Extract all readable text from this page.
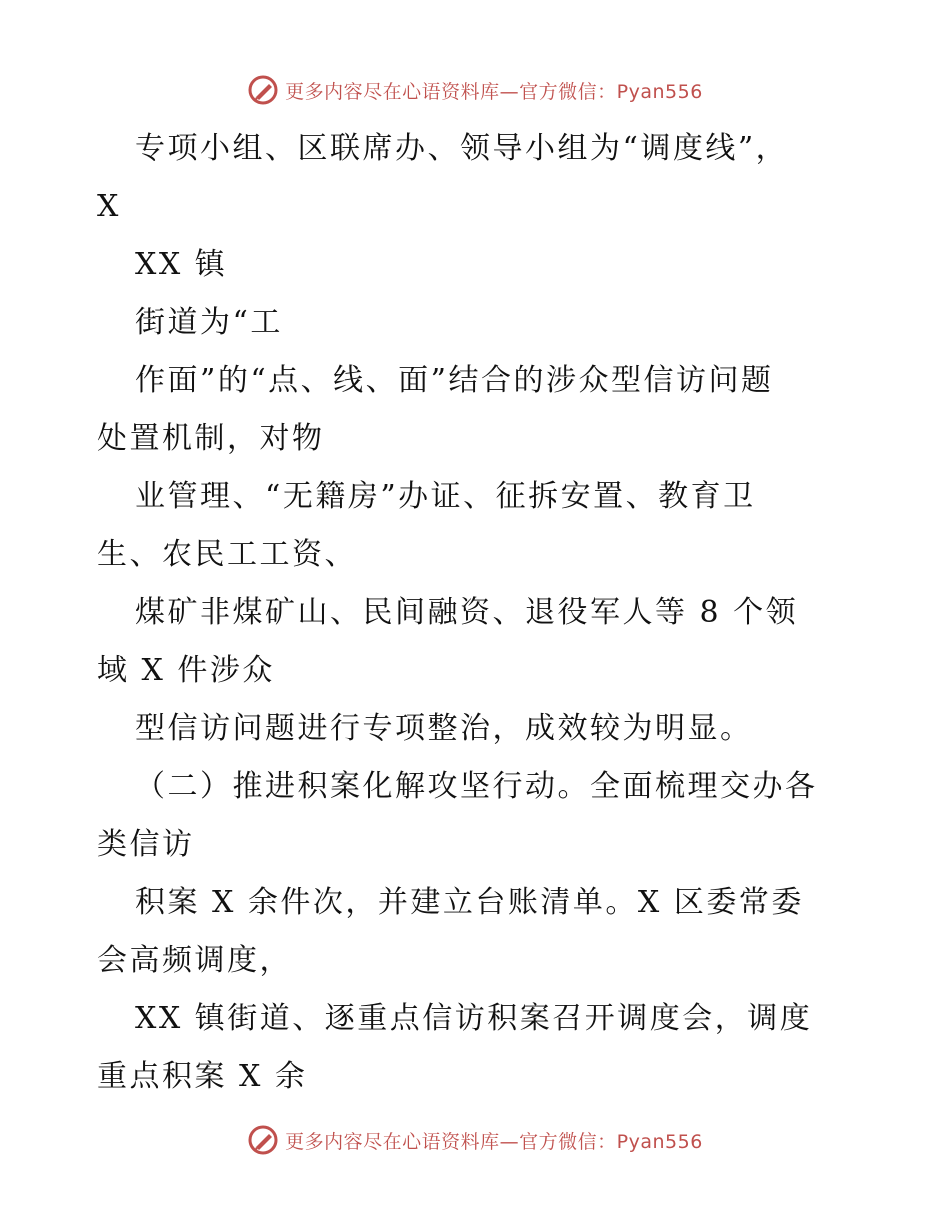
更多内容尽在心语资料库—官方微信：Pyan556
专项小组、区联席办、领导小组为“调度线”，
X
XX 镇
街道为“工
作面”的“点、线、面”结合的涉众型信访问题
处置机制，对物
业管理、“无籍房”办证、征拆安置、教育卫
生、农民工工资、
煤矿非煤矿山、民间融资、退役军人等 8 个领
域 X 件涉众
型信访问题进行专项整治，成效较为明显。
（二）推进积案化解攻坚行动。全面梳理交办各
类信访
积案 X 余件次，并建立台账清单。X 区委常委
会高频调度，
XX 镇街道、逐重点信访积案召开调度会，调度
重点积案 X 余
更多内容尽在心语资料库—官方微信：Pyan556
